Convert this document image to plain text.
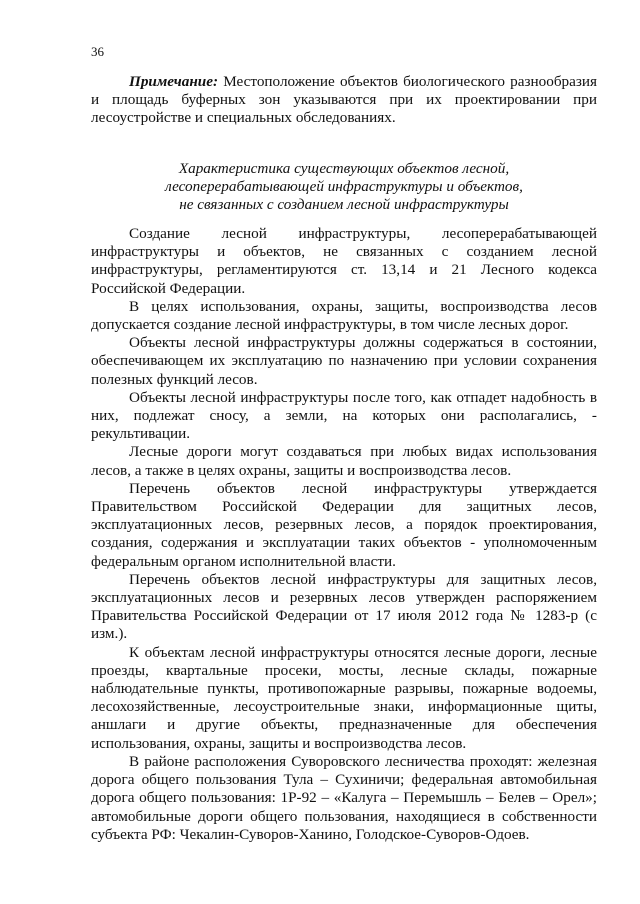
36

Примечание: Местоположение объектов биологического разнообразия и площадь буферных зон указываются при их проектировании при лесоустройстве и специальных обследованиях.

Характеристика существующих объектов лесной,
лесоперерабатывающей инфраструктуры и объектов,
не связанных с созданием лесной инфраструктуры

Создание лесной инфраструктуры, лесоперерабатывающей инфраструктуры и объектов, не связанных с созданием лесной инфраструктуры, регламентируются ст. 13,14 и 21 Лесного кодекса Российской Федерации.

В целях использования, охраны, защиты, воспроизводства лесов допускается создание лесной инфраструктуры, в том числе лесных дорог.

Объекты лесной инфраструктуры должны содержаться в состоянии, обеспечивающем их эксплуатацию по назначению при условии сохранения полезных функций лесов.

Объекты лесной инфраструктуры после того, как отпадет надобность в них, подлежат сносу, а земли, на которых они располагались, - рекультивации.

Лесные дороги могут создаваться при любых видах использования лесов, а также в целях охраны, защиты и воспроизводства лесов.

Перечень объектов лесной инфраструктуры утверждается Правительством Российской Федерации для защитных лесов, эксплуатационных лесов, резервных лесов, а порядок проектирования, создания, содержания и эксплуатации таких объектов - уполномоченным федеральным органом исполнительной власти.

Перечень объектов лесной инфраструктуры для защитных лесов, эксплуатационных лесов и резервных лесов утвержден распоряжением Правительства Российской Федерации от 17 июля 2012 года № 1283-р (с изм.).

К объектам лесной инфраструктуры относятся лесные дороги, лесные проезды, квартальные просеки, мосты, лесные склады, пожарные наблюдательные пункты, противопожарные разрывы, пожарные водоемы, лесохозяйственные, лесоустроительные знаки, информационные щиты, аншлаги и другие объекты, предназначенные для обеспечения использования, охраны, защиты и воспроизводства лесов.

В районе расположения Суворовского лесничества проходят: железная дорога общего пользования Тула – Сухиничи; федеральная автомобильная дорога общего пользования: 1Р-92 – «Калуга – Перемышль – Белев – Орел»; автомобильные дороги общего пользования, находящиеся в собственности субъекта РФ: Чекалин-Суворов-Ханино, Голодское-Суворов-Одоев.
